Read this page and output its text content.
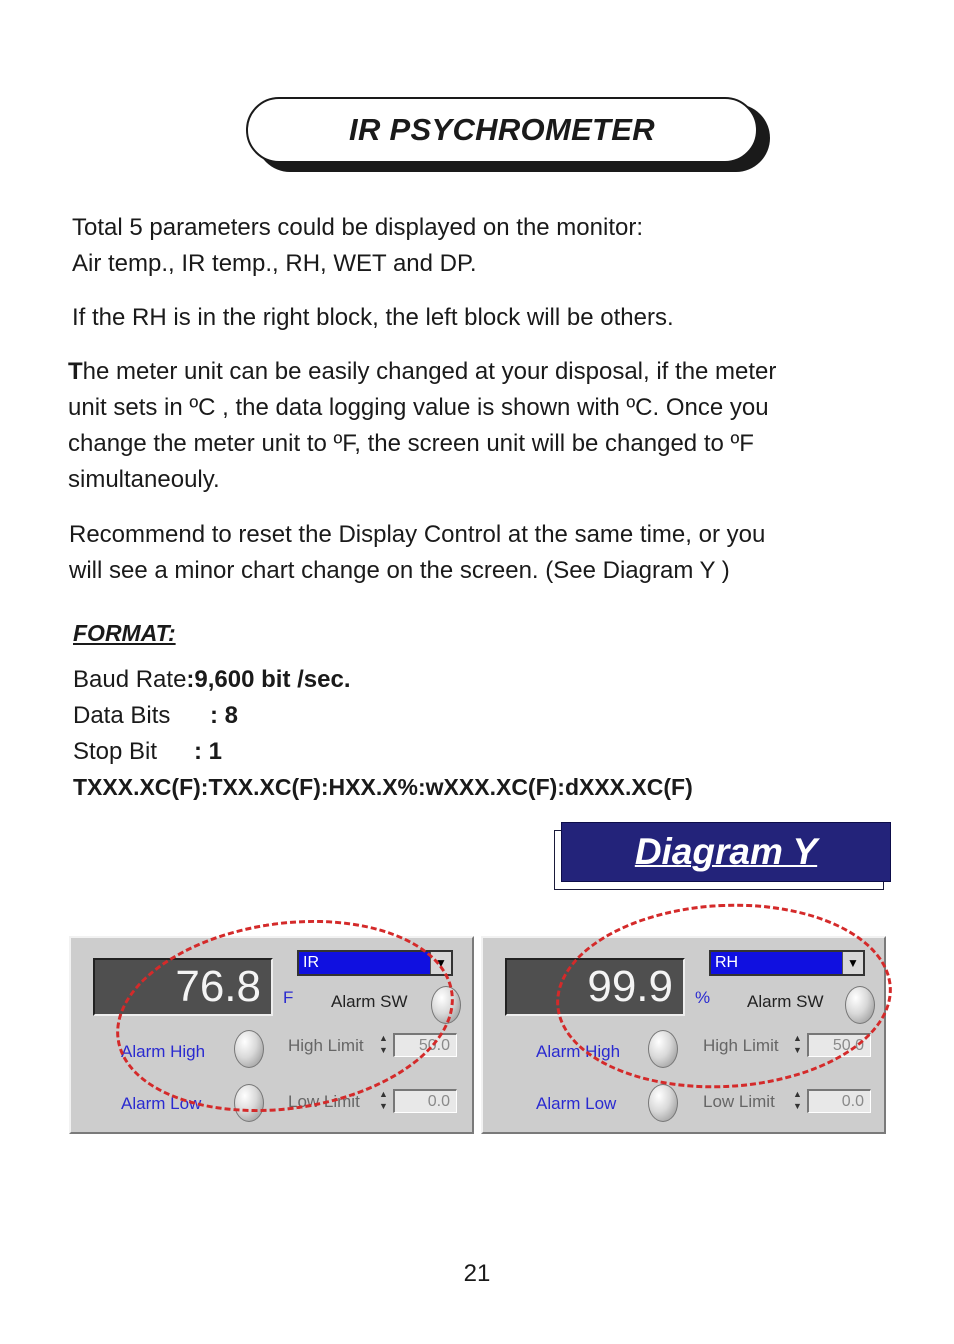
IR PSYCHROMETER
Total 5 parameters could be displayed on the monitor:
Air temp., IR temp., RH, WET and DP.
If the RH is in the right block, the left block will be others.
The meter unit can be easily changed at your disposal, if the meter
unit sets in ºC , the data logging value is shown with ºC. Once you
change the meter unit to ºF, the screen unit will be changed to ºF
simultaneouly.
Recommend to reset the Display Control at the same time, or you
will see a minor chart change on the screen. (See Diagram Y )
FORMAT:
Baud Rate:9,600 bit /sec.
Data Bits : 8
Stop Bit : 1
TXXX.XC(F):TXX.XC(F):HXX.X%:wXXX.XC(F):dXXX.XC(F)
Diagram Y
76.8	F
IR	▼
Alarm SW
Alarm High	High Limit ▲
▼	50.0
Alarm Low	Low Limit ▲
▼	0.0
99.9	%
RH	▼
Alarm SW
Alarm High	High Limit ▲
▼	50.0
Alarm Low	Low Limit ▲
▼	0.0
21
